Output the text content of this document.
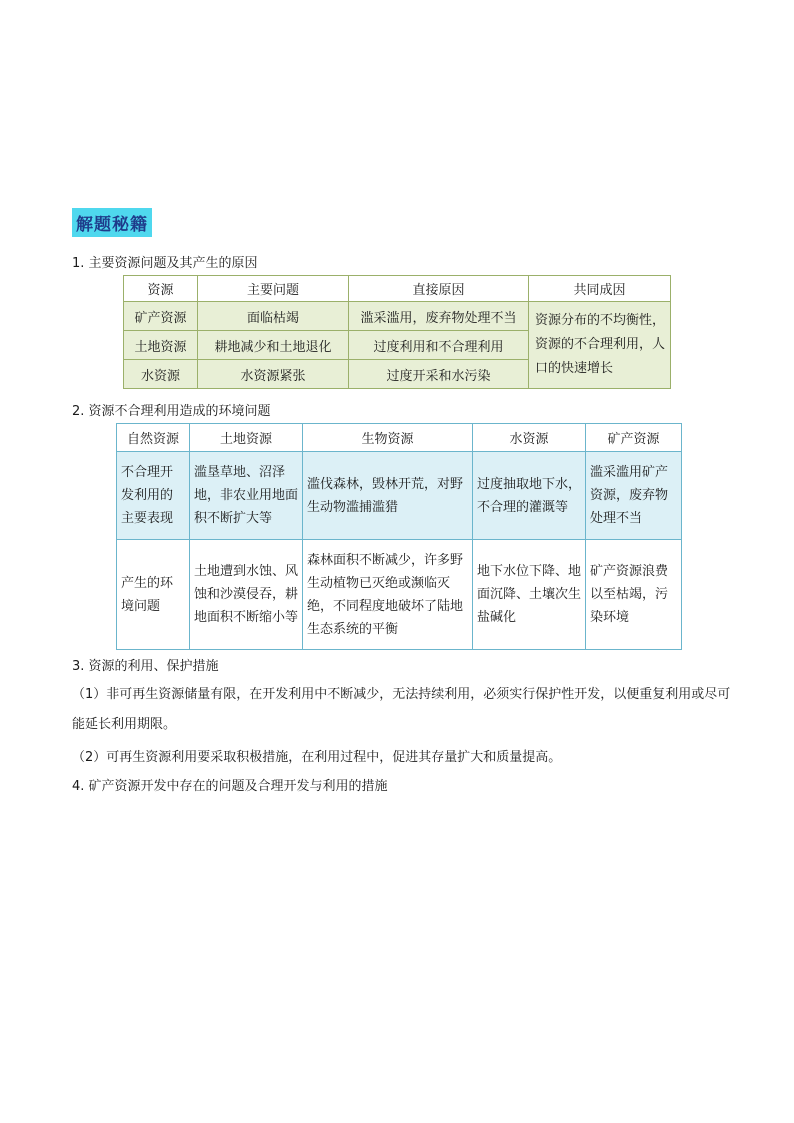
解题秘籍
1. 主要资源问题及其产生的原因
资源	主要问题	直接原因	共同成因
矿产资源	面临枯竭	滥采滥用，废弃物处理不当	资源分布的不均衡性，资源的不合理利用，人口的快速增长
土地资源	耕地减少和土地退化	过度利用和不合理利用	
水资源	水资源紧张	过度开采和水污染	
2. 资源不合理利用造成的环境问题
自然资源	土地资源	生物资源	水资源	矿产资源
不合理开发利用的主要表现	滥垦草地、沼泽地，非农业用地面积不断扩大等	滥伐森林，毁林开荒，对野生动物滥捕滥猎	过度抽取地下水，不合理的灌溉等	滥采滥用矿产资源，废弃物处理不当
产生的环境问题	土地遭到水蚀、风蚀和沙漠侵吞，耕地面积不断缩小等	森林面积不断减少，许多野生动植物已灭绝或濒临灭绝，不同程度地破坏了陆地生态系统的平衡	地下水位下降、地面沉降、土壤次生盐碱化	矿产资源浪费以至枯竭，污染环境
3. 资源的利用、保护措施
（1）非可再生资源储量有限，在开发利用中不断减少，无法持续利用，必须实行保护性开发，以便重复利用或尽可能延长利用期限。
（2）可再生资源利用要采取积极措施，在利用过程中，促进其存量扩大和质量提高。
4. 矿产资源开发中存在的问题及合理开发与利用的措施
